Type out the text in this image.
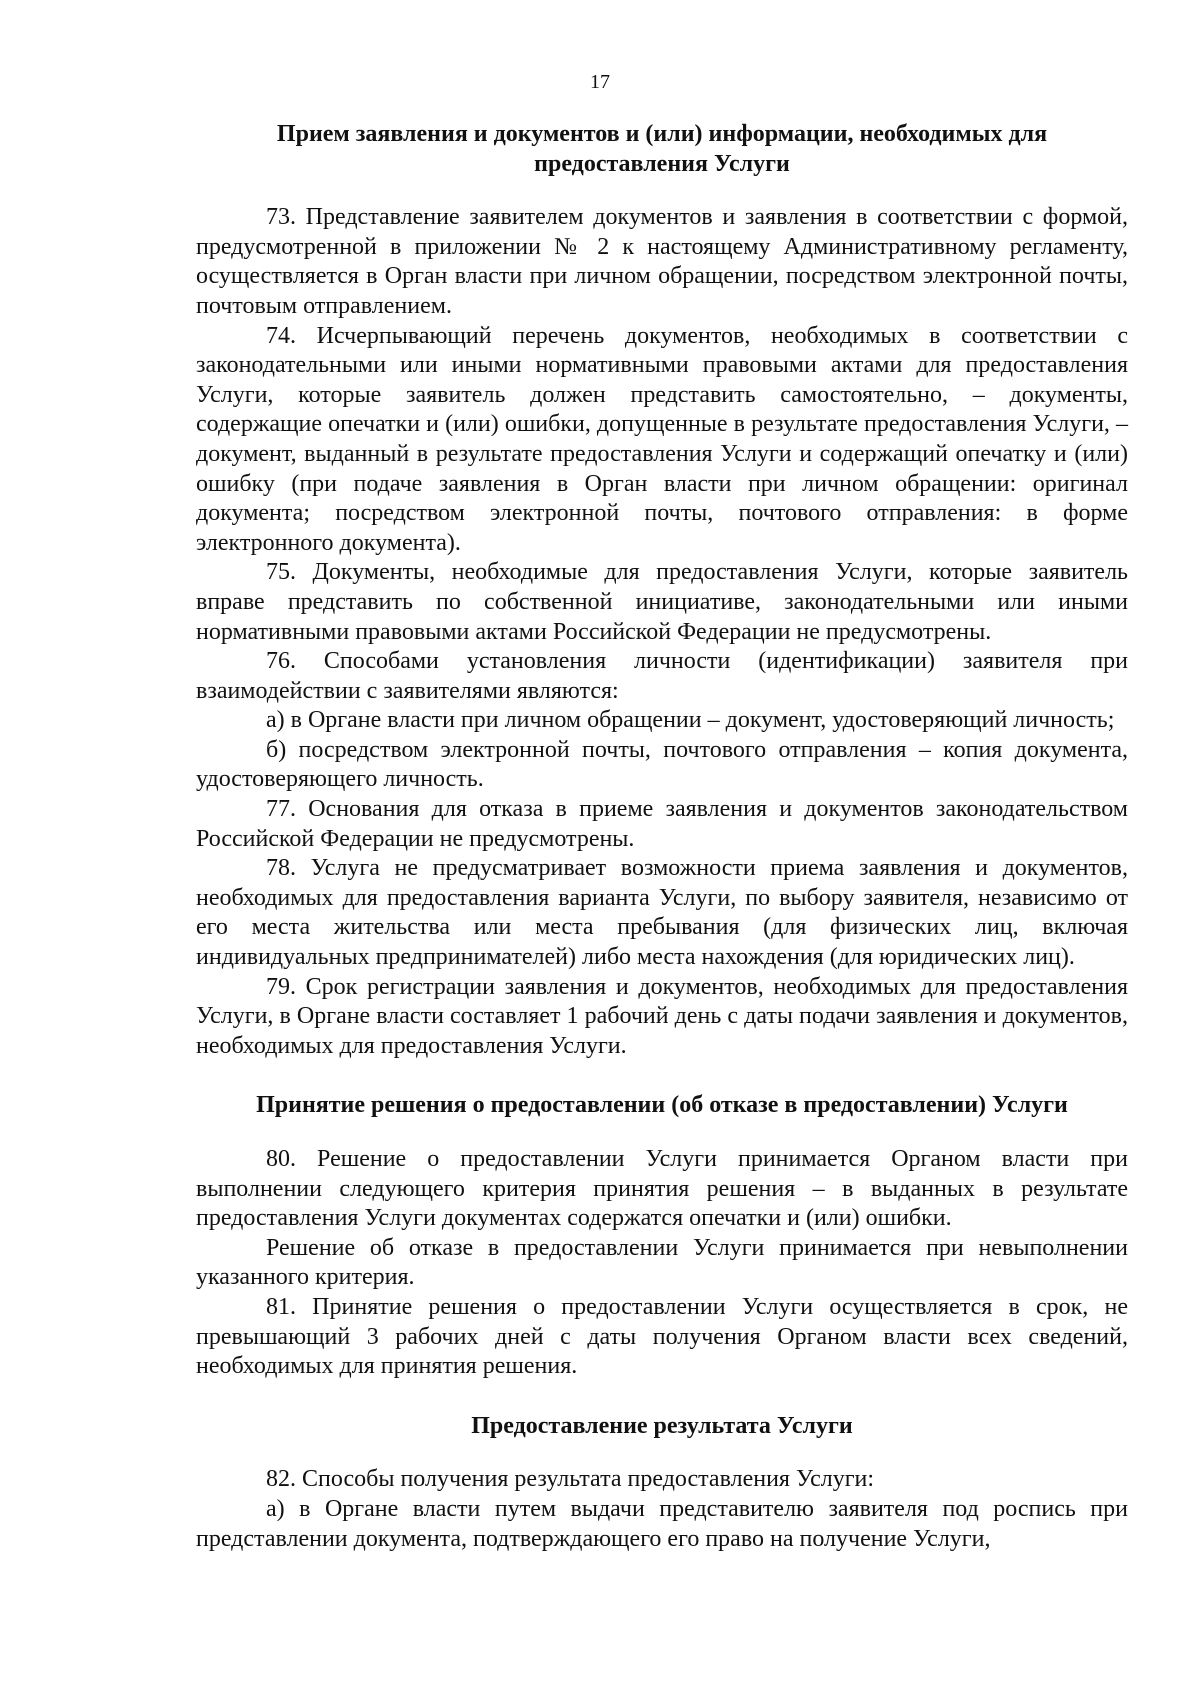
17

Прием заявления и документов и (или) информации, необходимых для предоставления Услуги

73. Представление заявителем документов и заявления в соответствии с формой, предусмотренной в приложении № 2 к настоящему Административному регламенту, осуществляется в Орган власти при личном обращении, посредством электронной почты, почтовым отправлением.

74. Исчерпывающий перечень документов, необходимых в соответствии с законодательными или иными нормативными правовыми актами для предоставления Услуги, которые заявитель должен представить самостоятельно, – документы, содержащие опечатки и (или) ошибки, допущенные в результате предоставления Услуги, – документ, выданный в результате предоставления Услуги и содержащий опечатку и (или) ошибку (при подаче заявления в Орган власти при личном обращении: оригинал документа; посредством электронной почты, почтового отправления: в форме электронного документа).

75. Документы, необходимые для предоставления Услуги, которые заявитель вправе представить по собственной инициативе, законодательными или иными нормативными правовыми актами Российской Федерации не предусмотрены.

76. Способами установления личности (идентификации) заявителя при взаимодействии с заявителями являются:

а) в Органе власти при личном обращении – документ, удостоверяющий личность;

б) посредством электронной почты, почтового отправления – копия документа, удостоверяющего личность.

77. Основания для отказа в приеме заявления и документов законодательством Российской Федерации не предусмотрены.

78. Услуга не предусматривает возможности приема заявления и документов, необходимых для предоставления варианта Услуги, по выбору заявителя, независимо от его места жительства или места пребывания (для физических лиц, включая индивидуальных предпринимателей) либо места нахождения (для юридических лиц).

79. Срок регистрации заявления и документов, необходимых для предоставления Услуги, в Органе власти составляет 1 рабочий день с даты подачи заявления и документов, необходимых для предоставления Услуги.

Принятие решения о предоставлении (об отказе в предоставлении) Услуги

80. Решение о предоставлении Услуги принимается Органом власти при выполнении следующего критерия принятия решения – в выданных в результате предоставления Услуги документах содержатся опечатки и (или) ошибки.

Решение об отказе в предоставлении Услуги принимается при невыполнении указанного критерия.

81. Принятие решения о предоставлении Услуги осуществляется в срок, не превышающий 3 рабочих дней с даты получения Органом власти всех сведений, необходимых для принятия решения.

Предоставление результата Услуги

82. Способы получения результата предоставления Услуги:

а) в Органе власти путем выдачи представителю заявителя под роспись при представлении документа, подтверждающего его право на получение Услуги,
